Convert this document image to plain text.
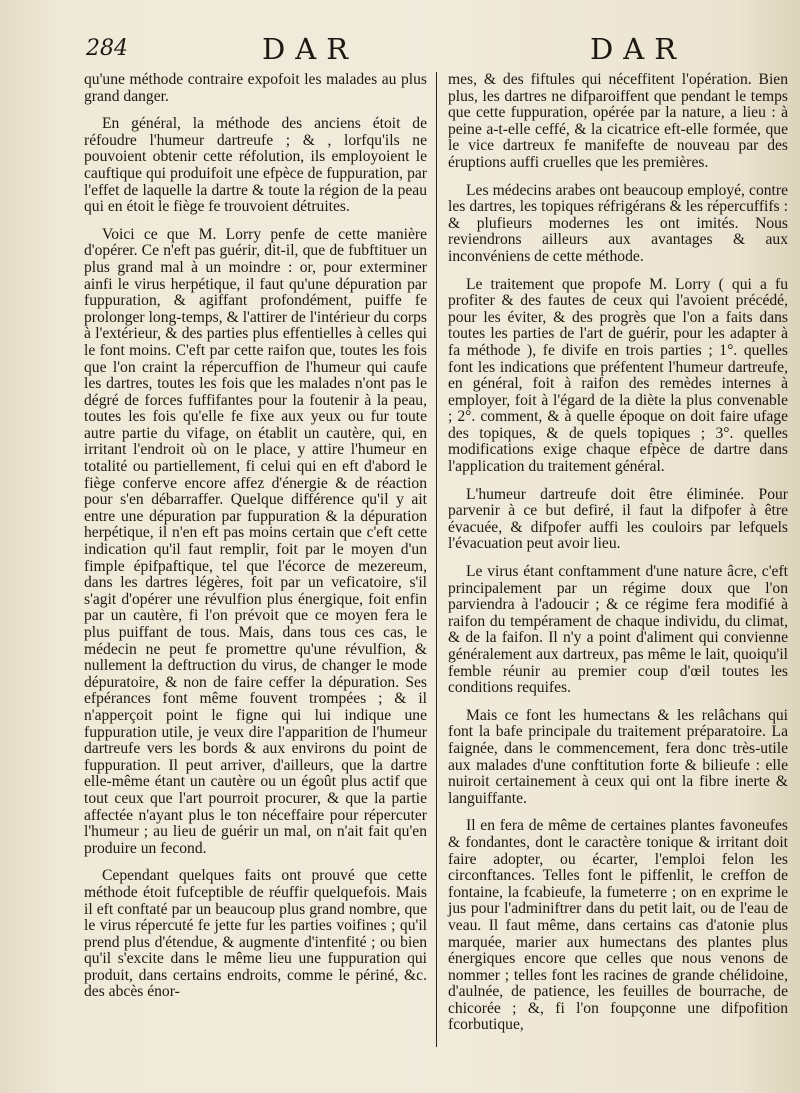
284	DAR	DAR

qu'une méthode contraire expofoit les malades au plus grand danger.

En général, la méthode des anciens étoit de réfoudre l'humeur dartreufe ; & , lorfqu'ils ne pouvoient obtenir cette réfolution, ils employoient le cauftique qui produifoit une efpèce de fuppuration, par l'effet de laquelle la dartre & toute la région de la peau qui en étoit le fiège fe trouvoient détruites.

Voici ce que M. Lorry penfe de cette manière d'opérer. Ce n'eft pas guérir, dit-il, que de fubftituer un plus grand mal à un moindre : or, pour exterminer ainfi le virus herpétique, il faut qu'une dépuration par fuppuration, & agiffant profondément, puiffe fe prolonger long-temps, & l'attirer de l'intérieur du corps à l'extérieur, & des parties plus effentielles à celles qui le font moins. C'eft par cette raifon que, toutes les fois que l'on craint la répercuffion de l'humeur qui caufe les dartres, toutes les fois que les malades n'ont pas le dégré de forces fuffifantes pour la foutenir à la peau, toutes les fois qu'elle fe fixe aux yeux ou fur toute autre partie du vifage, on établit un cautère, qui, en irritant l'endroit où on le place, y attire l'humeur en totalité ou partiellement, fi celui qui en eft d'abord le fiège conferve encore affez d'énergie & de réaction pour s'en débarraffer. Quelque différence qu'il y ait entre une dépuration par fuppuration & la dépuration herpétique, il n'en eft pas moins certain que c'eft cette indication qu'il faut remplir, foit par le moyen d'un fimple épifpaftique, tel que l'écorce de mezereum, dans les dartres légères, foit par un veficatoire, s'il s'agit d'opérer une révulfion plus énergique, foit enfin par un cautère, fi l'on prévoit que ce moyen fera le plus puiffant de tous. Mais, dans tous ces cas, le médecin ne peut fe promettre qu'une révulfion, & nullement la deftruction du virus, de changer le mode dépuratoire, & non de faire ceffer la dépuration. Ses efpérances font même fouvent trompées ; & il n'apperçoit point le figne qui lui indique une fuppuration utile, je veux dire l'apparition de l'humeur dartreufe vers les bords & aux environs du point de fuppuration. Il peut arriver, d'ailleurs, que la dartre elle-même étant un cautère ou un égoût plus actif que tout ceux que l'art pourroit procurer, & que la partie affectée n'ayant plus le ton néceffaire pour répercuter l'humeur ; au lieu de guérir un mal, on n'ait fait qu'en produire un fecond.

Cependant quelques faits ont prouvé que cette méthode étoit fufceptible de réuffir quelquefois. Mais il eft conftaté par un beaucoup plus grand nombre, que le virus répercuté fe jette fur les parties voifines ; qu'il prend plus d'étendue, & augmente d'intenfité ; ou bien qu'il s'excite dans le même lieu une fuppuration qui produit, dans certains endroits, comme le périné, &c. des abcès énor-

mes, & des fiftules qui néceffitent l'opération. Bien plus, les dartres ne difparoiffent que pendant le temps que cette fuppuration, opérée par la nature, a lieu : à peine a-t-elle ceffé, & la cicatrice eft-elle formée, que le vice dartreux fe manifefte de nouveau par des éruptions auffi cruelles que les premières.

Les médecins arabes ont beaucoup employé, contre les dartres, les topiques réfrigérans & les répercuffifs : & plufieurs modernes les ont imités. Nous reviendrons ailleurs aux avantages & aux inconvéniens de cette méthode.

Le traitement que propofe M. Lorry ( qui a fu profiter & des fautes de ceux qui l'avoient précédé, pour les éviter, & des progrès que l'on a faits dans toutes les parties de l'art de guérir, pour les adapter à fa méthode ), fe divife en trois parties ; 1°. quelles font les indications que préfentent l'humeur dartreufe, en général, foit à raifon des remèdes internes à employer, foit à l'égard de la diète la plus convenable ; 2°. comment, & à quelle époque on doit faire ufage des topiques, & de quels topiques ; 3°. quelles modifications exige chaque efpèce de dartre dans l'application du traitement général.

L'humeur dartreufe doit être éliminée. Pour parvenir à ce but defiré, il faut la difpofer à être évacuée, & difpofer auffi les couloirs par lefquels l'évacuation peut avoir lieu.

Le virus étant conftamment d'une nature âcre, c'eft principalement par un régime doux que l'on parviendra à l'adoucir ; & ce régime fera modifié à raifon du tempérament de chaque individu, du climat, & de la faifon. Il n'y a point d'aliment qui convienne généralement aux dartreux, pas même le lait, quoiqu'il femble réunir au premier coup d'œil toutes les conditions requifes.

Mais ce font les humectans & les relâchans qui font la bafe principale du traitement préparatoire. La faignée, dans le commencement, fera donc très-utile aux malades d'une conftitution forte & bilieufe : elle nuiroit certainement à ceux qui ont la fibre inerte & languiffante.

Il en fera de même de certaines plantes favoneufes & fondantes, dont le caractère tonique & irritant doit faire adopter, ou écarter, l'emploi felon les circonftances. Telles font le piffenlit, le creffon de fontaine, la fcabieufe, la fumeterre ; on en exprime le jus pour l'adminiftrer dans du petit lait, ou de l'eau de veau. Il faut même, dans certains cas d'atonie plus marquée, marier aux humectans des plantes plus énergiques encore que celles que nous venons de nommer ; telles font les racines de grande chélidoine, d'aulnée, de patience, les feuilles de bourrache, de chicorée ; &, fi l'on foupçonne une difpofition fcorbutique,
